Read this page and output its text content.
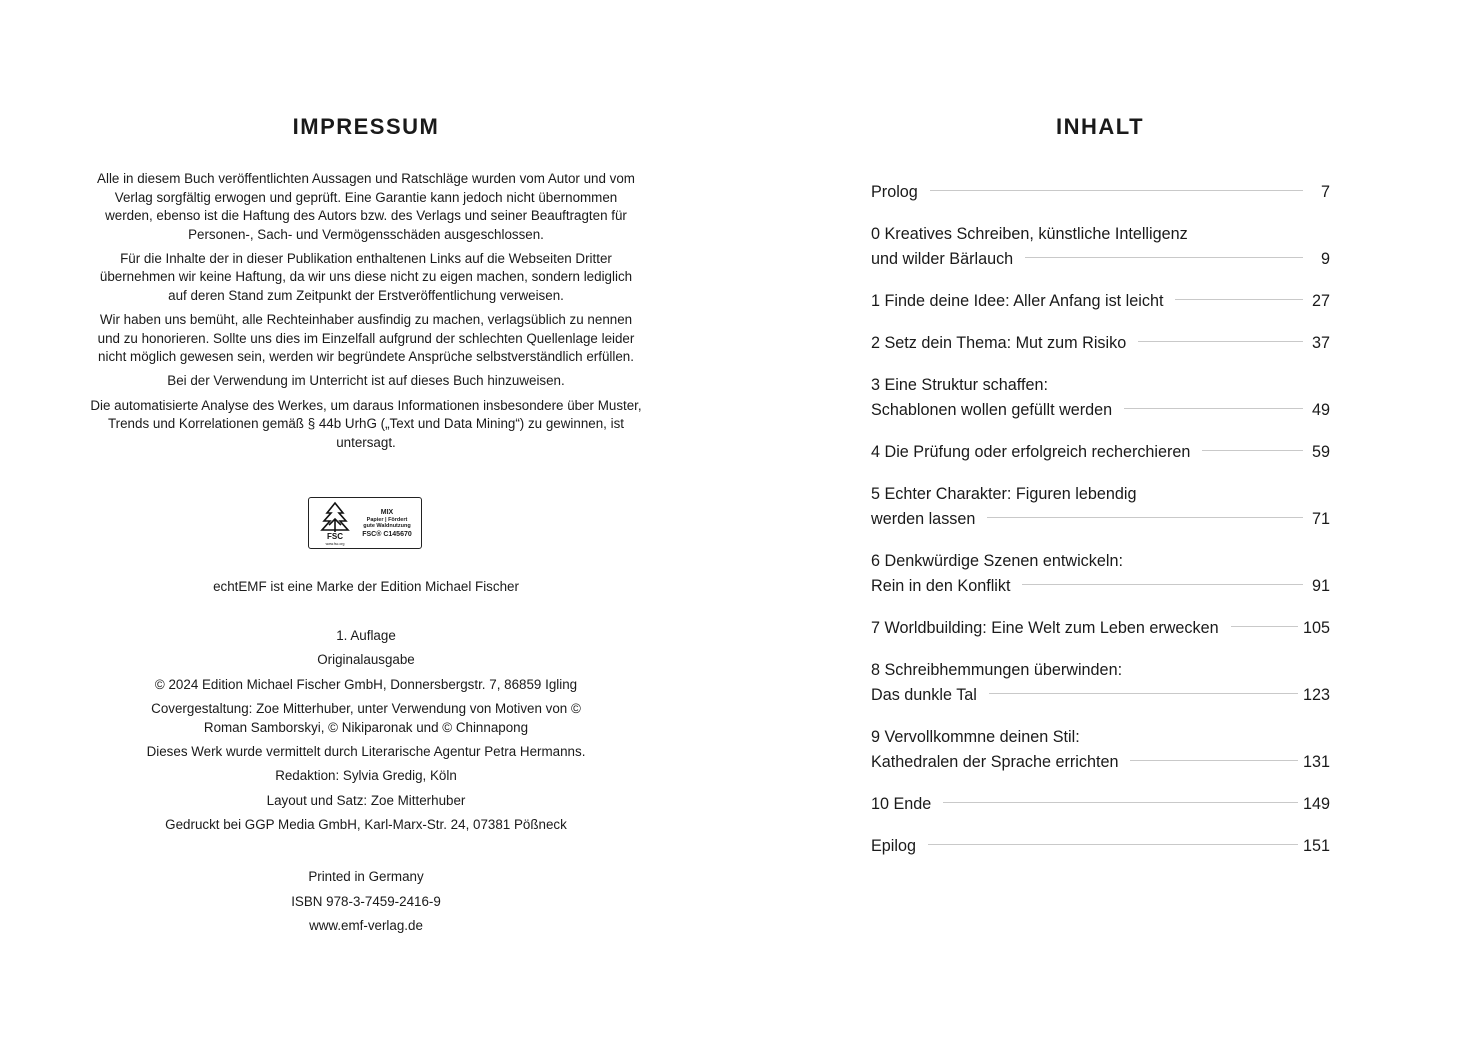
IMPRESSUM

Alle in diesem Buch veröffentlichten Aussagen und Ratschläge wurden vom Autor und vom Verlag sorgfältig erwogen und geprüft. Eine Garantie kann jedoch nicht übernommen werden, ebenso ist die Haftung des Autors bzw. des Verlags und seiner Beauftragten für Personen-, Sach- und Vermögensschäden ausgeschlossen.

Für die Inhalte der in dieser Publikation enthaltenen Links auf die Webseiten Dritter übernehmen wir keine Haftung, da wir uns diese nicht zu eigen machen, sondern lediglich auf deren Stand zum Zeitpunkt der Erstveröffentlichung verweisen.

Wir haben uns bemüht, alle Rechteinhaber ausfindig zu machen, verlagsüblich zu nennen und zu honorieren. Sollte uns dies im Einzelfall aufgrund der schlechten Quellenlage leider nicht möglich gewesen sein, werden wir begründete Ansprüche selbstverständlich erfüllen.

Bei der Verwendung im Unterricht ist auf dieses Buch hinzuweisen.

Die automatisierte Analyse des Werkes, um daraus Informationen insbesondere über Muster, Trends und Korrelationen gemäß § 44b UrhG („Text und Data Mining“) zu gewinnen, ist untersagt.

FSC
www.fsc.org
MIX
Papier | Fördert
gute Waldnutzung
FSC® C145670

echtEMF ist eine Marke der Edition Michael Fischer

1. Auflage

Originalausgabe

© 2024 Edition Michael Fischer GmbH, Donnersbergstr. 7, 86859 Igling

Covergestaltung: Zoe Mitterhuber, unter Verwendung von Motiven von © Roman Samborskyi, © Nikiparonak und © Chinnapong

Dieses Werk wurde vermittelt durch Literarische Agentur Petra Hermanns.

Redaktion: Sylvia Gredig, Köln

Layout und Satz: Zoe Mitterhuber

Gedruckt bei GGP Media GmbH, Karl-Marx-Str. 24, 07381 Pößneck

Printed in Germany

ISBN 978-3-7459-2416-9

www.emf-verlag.de

INHALT
Prolog	7
0 Kreatives Schreiben, künstliche Intelligenz
und wilder Bärlauch	9
1 Finde deine Idee: Aller Anfang ist leicht	27
2 Setz dein Thema: Mut zum Risiko	37
3 Eine Struktur schaffen:
Schablonen wollen gefüllt werden	49
4 Die Prüfung oder erfolgreich recherchieren	59
5 Echter Charakter: Figuren lebendig
werden lassen	71
6 Denkwürdige Szenen entwickeln:
Rein in den Konflikt	91
7 Worldbuilding: Eine Welt zum Leben erwecken	105
8 Schreibhemmungen überwinden:
Das dunkle Tal	123
9 Vervollkommne deinen Stil:
Kathedralen der Sprache errichten	131
10 Ende	149
Epilog	151
